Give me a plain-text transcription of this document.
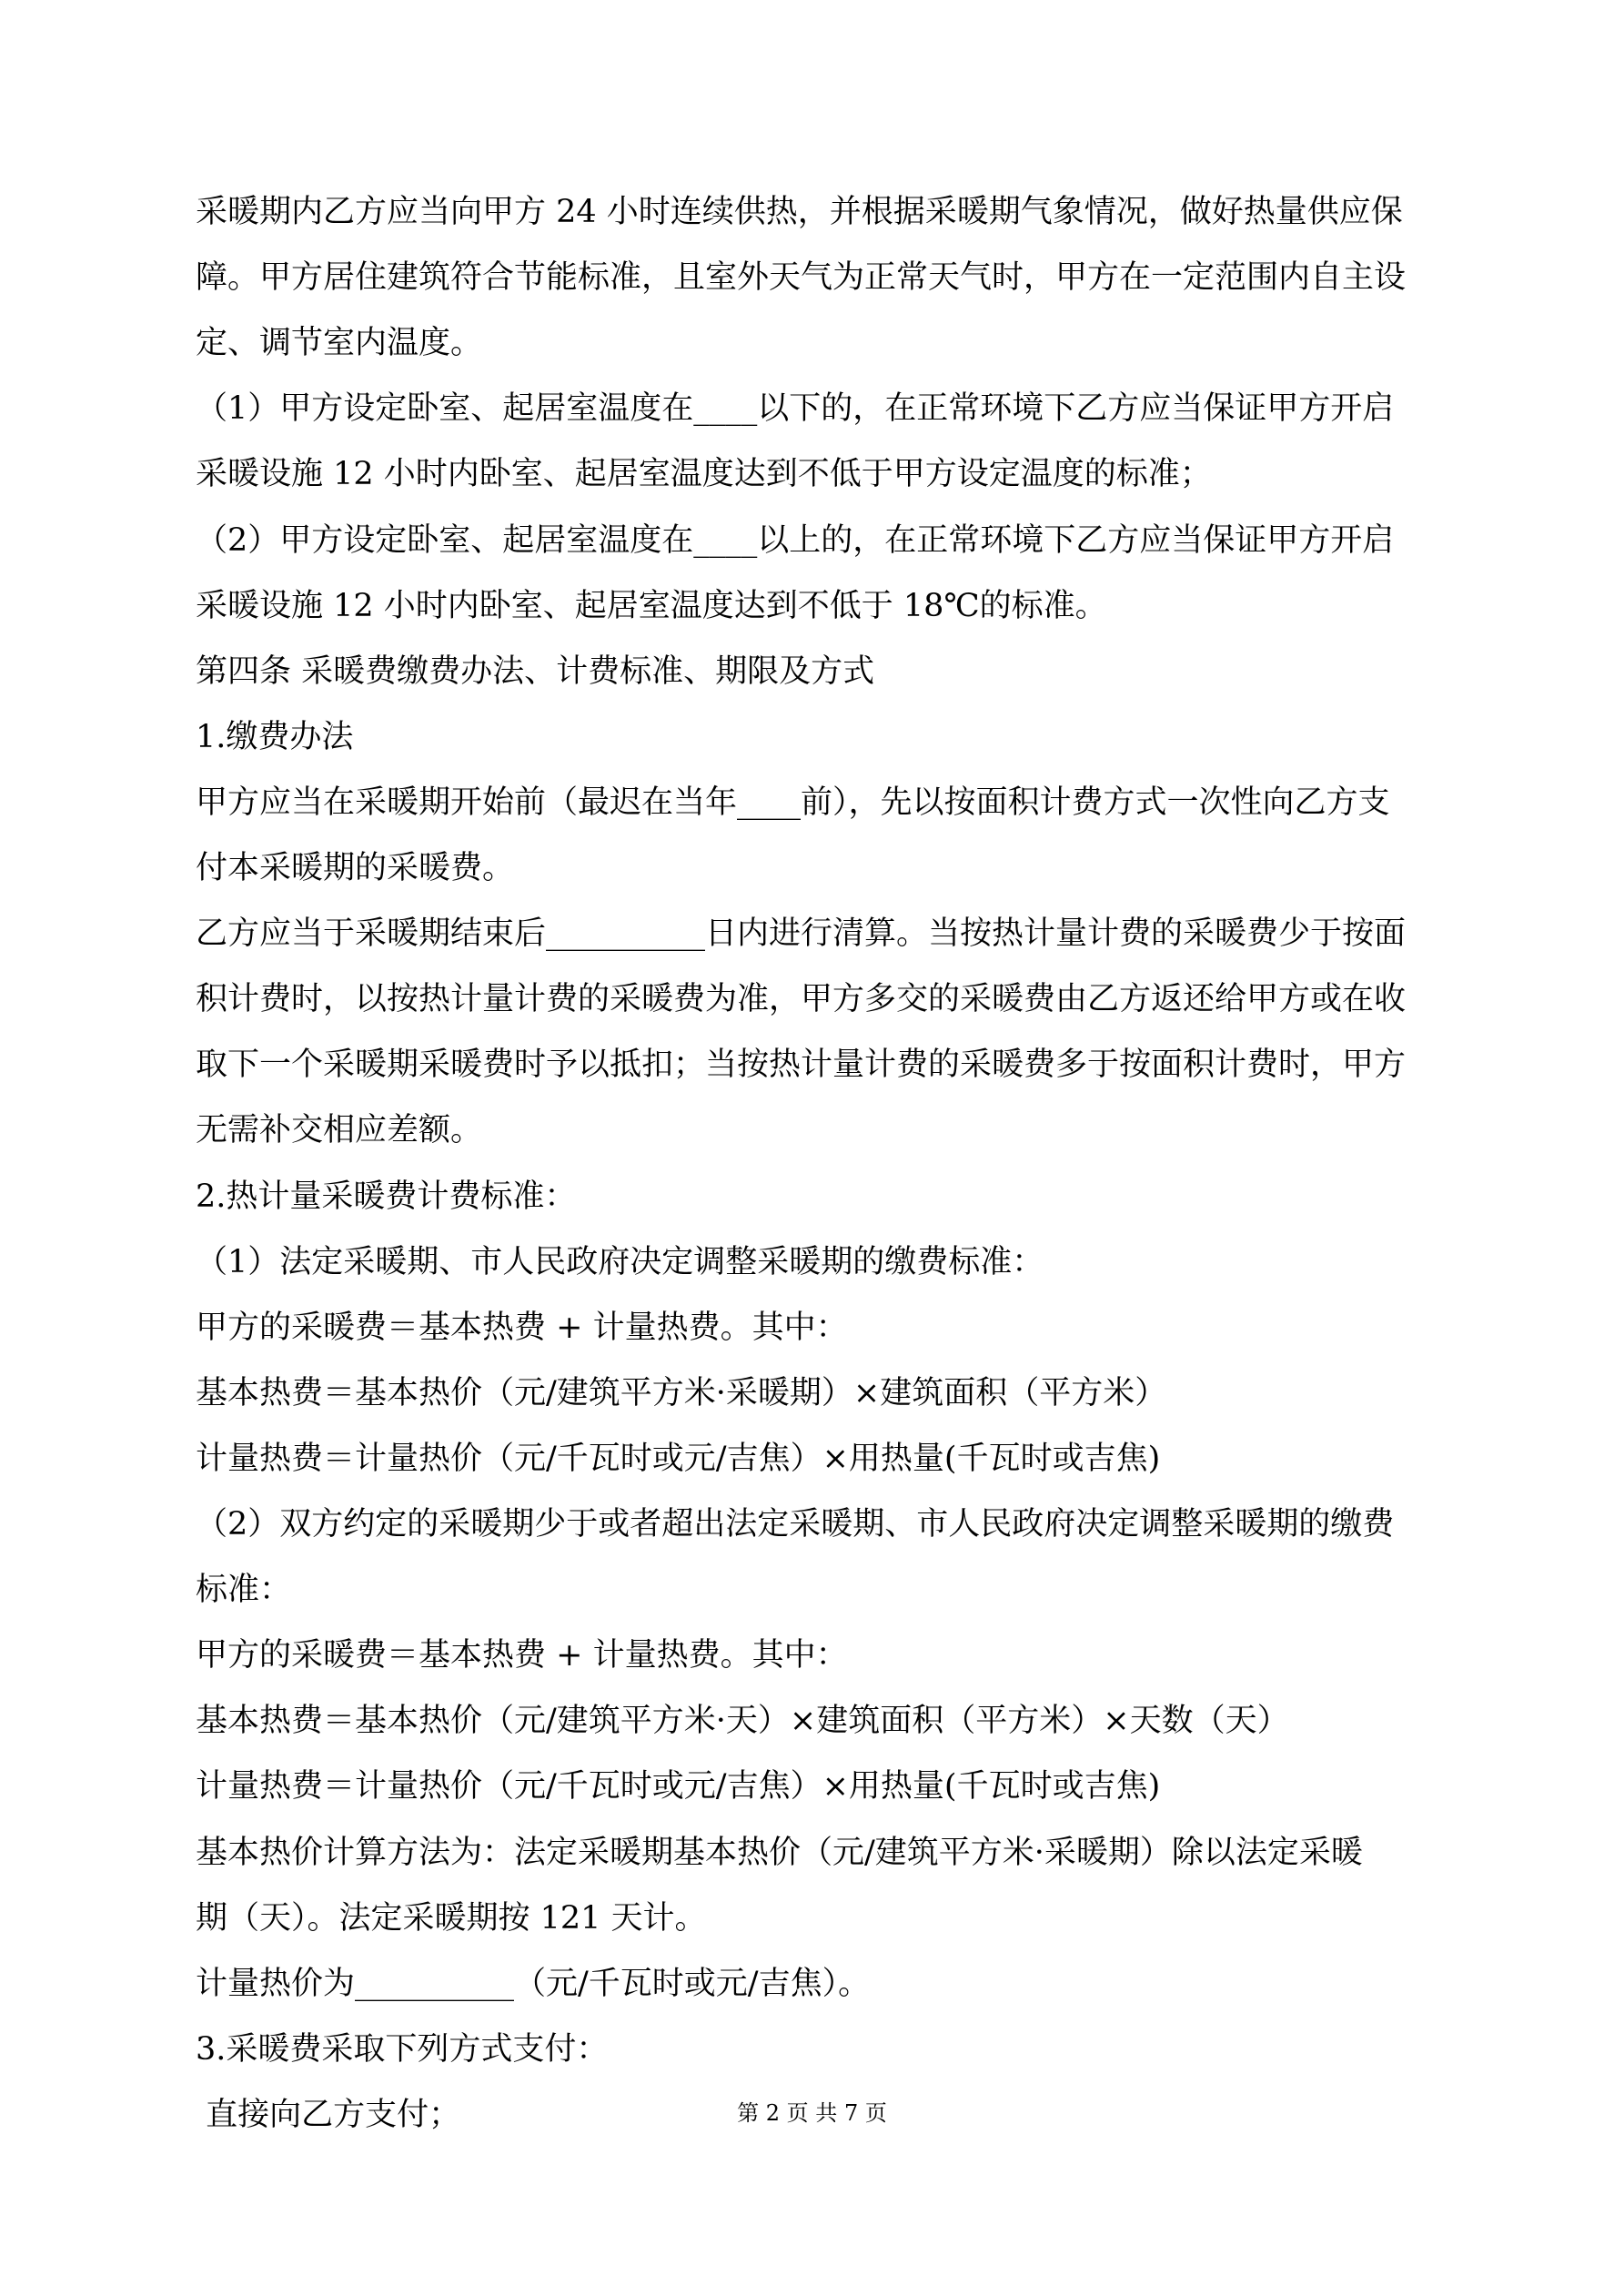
采暖期内乙方应当向甲方 24 小时连续供热，并根据采暖期气象情况，做好热量供应保
障。甲方居住建筑符合节能标准，且室外天气为正常天气时，甲方在一定范围内自主设
定、调节室内温度。
（1）甲方设定卧室、起居室温度在____以下的，在正常环境下乙方应当保证甲方开启
采暖设施 12 小时内卧室、起居室温度达到不低于甲方设定温度的标准；
（2）甲方设定卧室、起居室温度在____以上的，在正常环境下乙方应当保证甲方开启
采暖设施 12 小时内卧室、起居室温度达到不低于 18℃的标准。
第四条 采暖费缴费办法、计费标准、期限及方式
1.缴费办法
甲方应当在采暖期开始前（最迟在当年____前），先以按面积计费方式一次性向乙方支
付本采暖期的采暖费。
乙方应当于采暖期结束后__________日内进行清算。当按热计量计费的采暖费少于按面
积计费时，以按热计量计费的采暖费为准，甲方多交的采暖费由乙方返还给甲方或在收
取下一个采暖期采暖费时予以抵扣；当按热计量计费的采暖费多于按面积计费时，甲方
无需补交相应差额。
2.热计量采暖费计费标准：
（1）法定采暖期、市人民政府决定调整采暖期的缴费标准：
甲方的采暖费＝基本热费 + 计量热费。其中：
基本热费＝基本热价（元/建筑平方米·采暖期）×建筑面积（平方米）
计量热费＝计量热价（元/千瓦时或元/吉焦）×用热量(千瓦时或吉焦)
（2）双方约定的采暖期少于或者超出法定采暖期、市人民政府决定调整采暖期的缴费
标准：
甲方的采暖费＝基本热费 + 计量热费。其中：
基本热费＝基本热价（元/建筑平方米·天）×建筑面积（平方米）×天数（天）
计量热费＝计量热价（元/千瓦时或元/吉焦）×用热量(千瓦时或吉焦)
基本热价计算方法为：法定采暖期基本热价（元/建筑平方米·采暖期）除以法定采暖
期（天）。法定采暖期按 121 天计。
计量热价为__________（元/千瓦时或元/吉焦）。
3.采暖费采取下列方式支付：
直接向乙方支付；	第 2 页 共 7 页
